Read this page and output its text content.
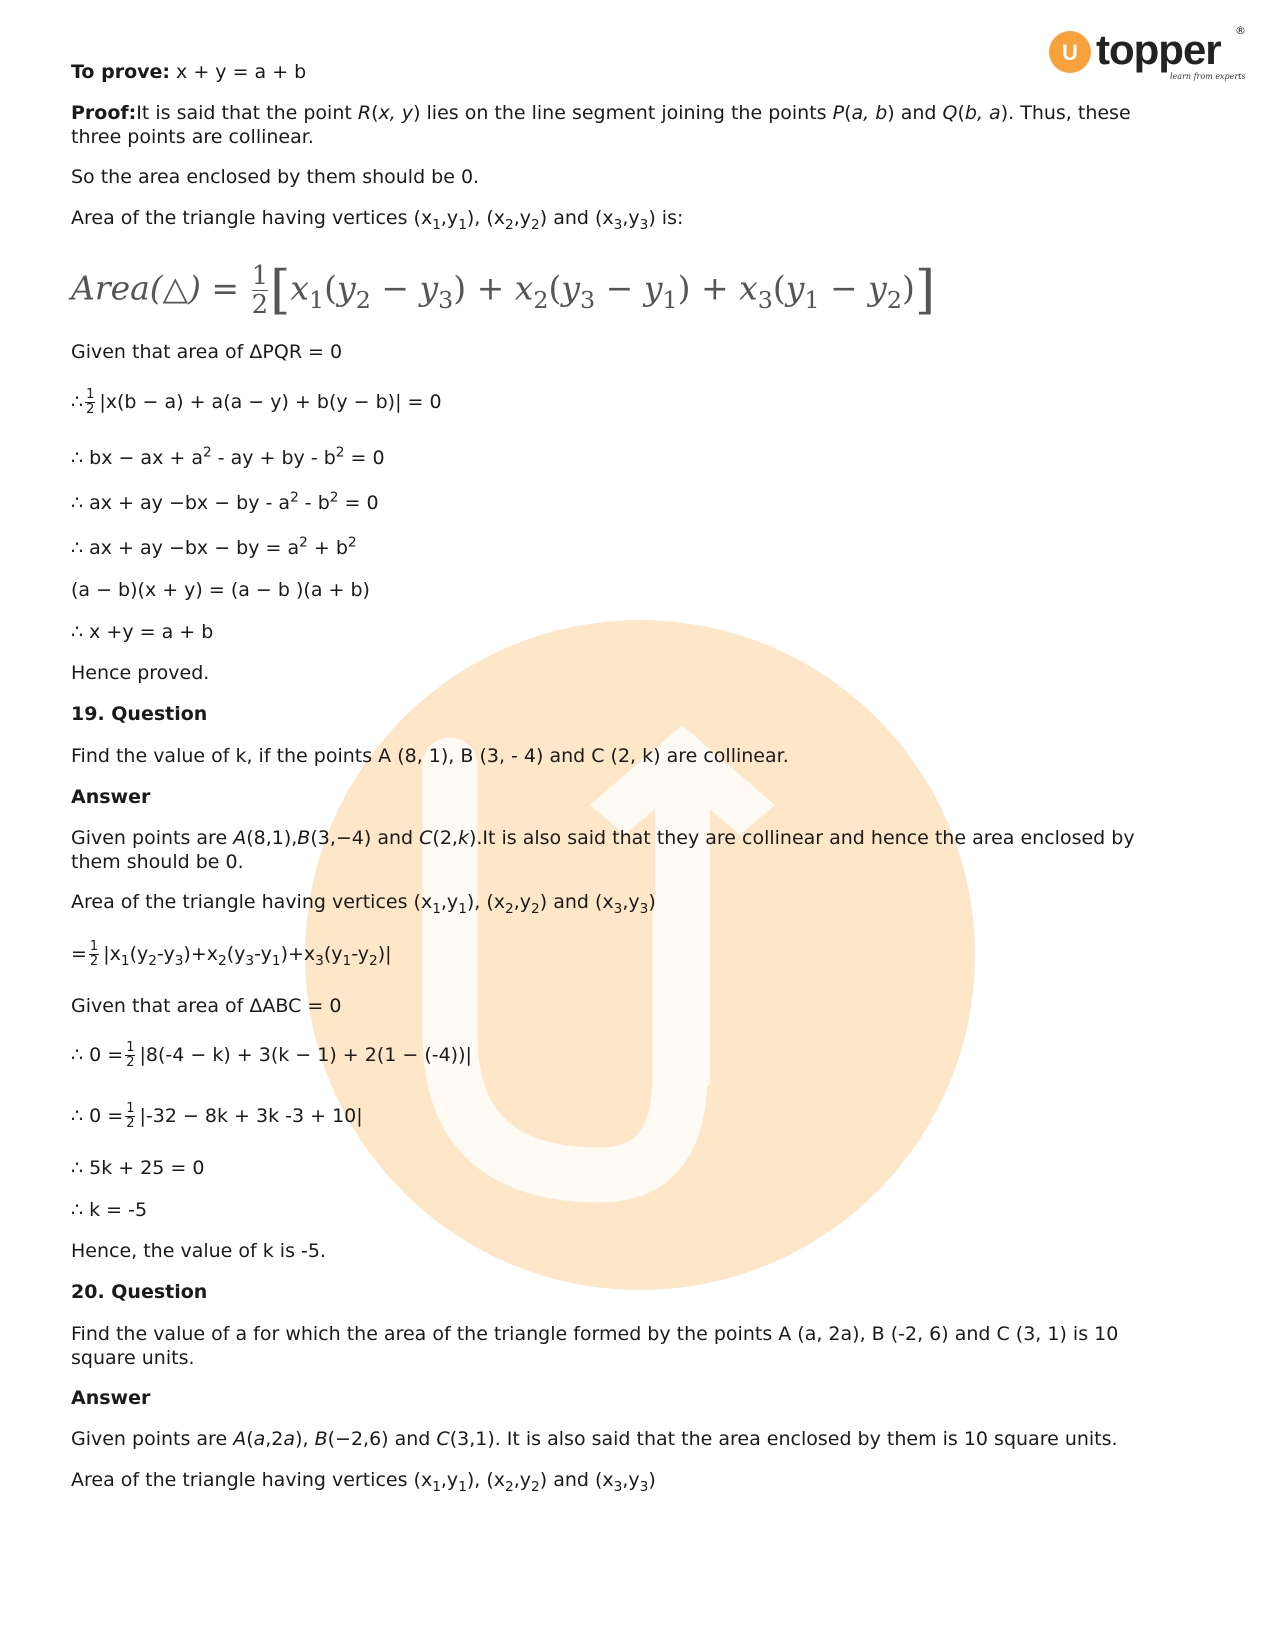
U topper ®
learn from experts
To prove: x + y = a + b
Proof:It is said that the point R(x, y) lies on the line segment joining the points P(a, b) and Q(b, a). Thus, these three points are collinear.
So the area enclosed by them should be 0.
Area of the triangle having vertices $(x_1,y_1)$, $(x_2,y_2)$ and $(x_3,y_3)$ is:
Area(△) = $\frac{1}{2} [x_1(y_2 - y_3) + x_2(y_3 - y_1) + x_3(y_1 - y_2)]$
Given that area of ΔPQR = 0
∴ $\frac{1}{2} |x(b - a) + a(a - y) + b(y - b)| = 0$
∴ bx − ax + $a^2$ - ay + by - $b^2 = 0$
∴ ax + ay −bx − by - $a^2 - b^2 = 0$
∴ ax + ay −bx − by = $a^2 + b^2$
(a − b)(x + y) = (a − b )(a + b)
∴ x +y = a + b
Hence proved.
19. Question
Find the value of k, if the points A (8, 1), B (3, - 4) and C (2, k) are collinear.
Answer
Given points are A(8,1),B(3,−4) and C(2,k).It is also said that they are collinear and hence the area enclosed by them should be 0.
Area of the triangle having vertices $(x_1,y_1)$, $(x_2,y_2)$ and $(x_3,y_3)$
= $\frac{1}{2} |x_1(y_2-y_3)+x_2(y_3-y_1)+x_3(y_1-y_2)|$
Given that area of ΔABC = 0
∴ $0 = \frac{1}{2} |8(-4 - k) + 3(k - 1) + 2(1 - (-4))|$
∴ $0 = \frac{1}{2} |-32 - 8k + 3k$ -3 + 10|
∴ 5k + 25 = 0
∴ k = -5
Hence, the value of k is -5.
20. Question
Find the value of a for which the area of the triangle formed by the points A (a, 2a), B (-2, 6) and C (3, 1) is 10 square units.
Answer
Given points are A(a,2a), B(−2,6) and C(3,1). It is also said that the area enclosed by them is 10 square units.
Area of the triangle having vertices $(x_1,y_1)$, $(x_2,y_2)$ and $(x_3,y_3)$
